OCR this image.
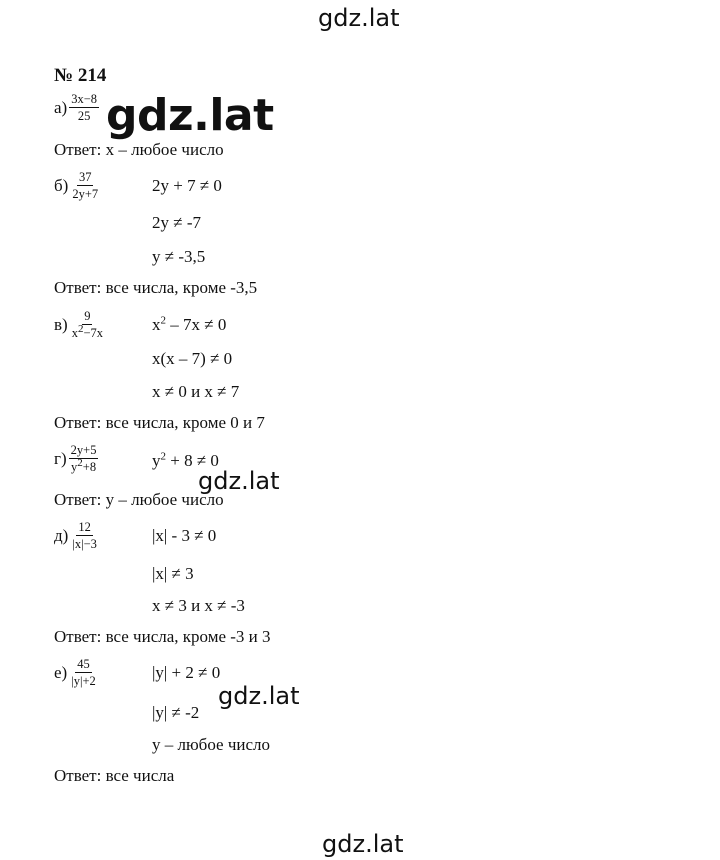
gdz.lat
gdz.lat
gdz.lat
gdz.lat
gdz.lat
№ 214
$а) \frac{3x-8}{25}$
Ответ: x – любое число
$б) \frac{37}{2y+7}$	2y + 7 ≠ 0
2y ≠ -7
y ≠ -3,5
Ответ: все числа, кроме -3,5
$в) \frac{9}{x^2-7x}$	$x^2 - 7x \ne 0$
x(x – 7) ≠ 0
x ≠ 0 и x ≠ 7
Ответ: все числа, кроме 0 и 7
$г) \frac{2y+5}{y^2+8}$	$y^2 + 8 \ne 0$
Ответ: y – любое число
$д) \frac{12}{|x|-3}$	|x| - 3 ≠ 0
|x| ≠ 3
x ≠ 3 и x ≠ -3
Ответ: все числа, кроме -3 и 3
$е) \frac{45}{|y|+2}$	|y| + 2 ≠ 0
|y| ≠ -2
y – любое число
Ответ: все числа
